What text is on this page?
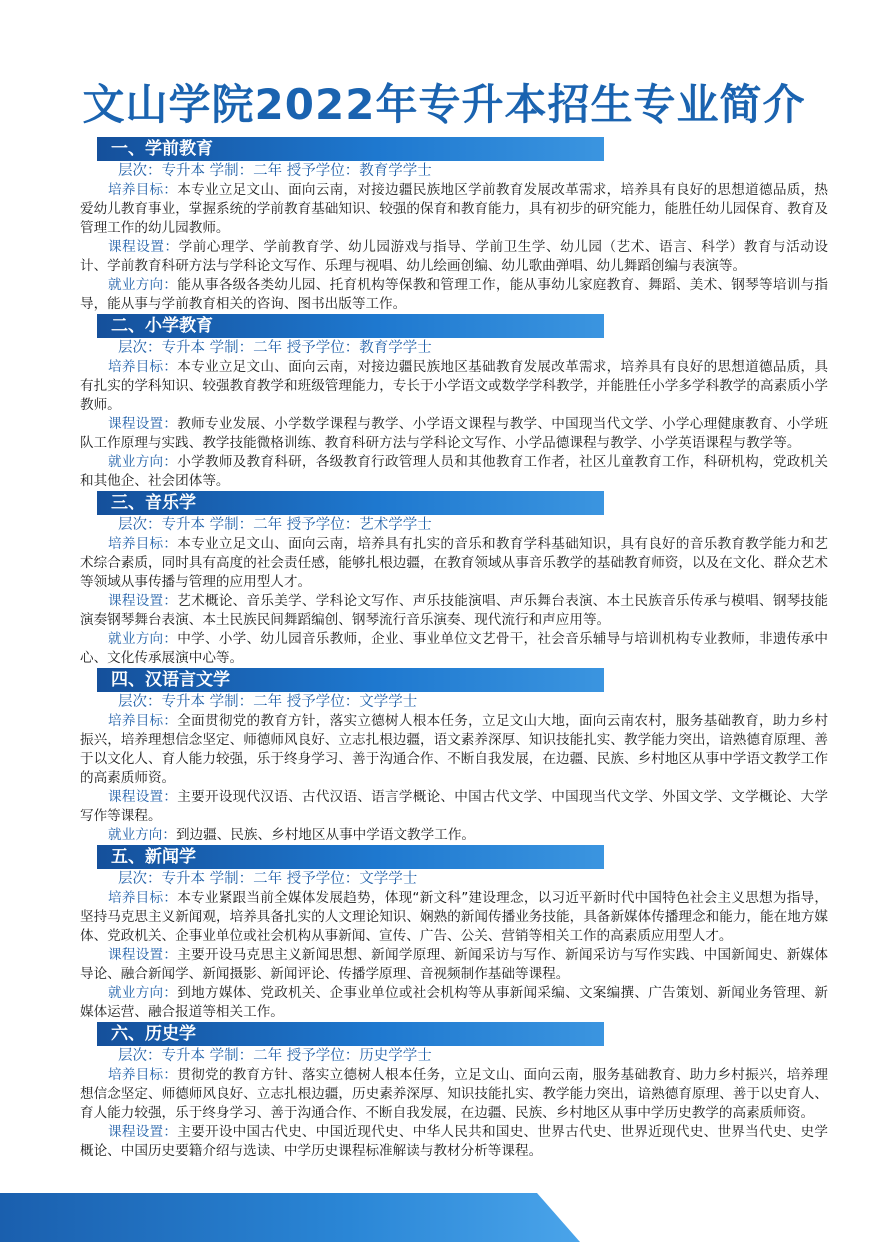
文山学院2022年专升本招生专业简介
一、学前教育
层次：专升本 学制：二年 授予学位：教育学学士
培养目标：本专业立足文山、面向云南，对接边疆民族地区学前教育发展改革需求，培养具有良好的思想道德品质，热爱幼儿教育事业，掌握系统的学前教育基础知识、较强的保育和教育能力，具有初步的研究能力，能胜任幼儿园保育、教育及管理工作的幼儿园教师。
课程设置：学前心理学、学前教育学、幼儿园游戏与指导、学前卫生学、幼儿园（艺术、语言、科学）教育与活动设计、学前教育科研方法与学科论文写作、乐理与视唱、幼儿绘画创编、幼儿歌曲弹唱、幼儿舞蹈创编与表演等。
就业方向：能从事各级各类幼儿园、托育机构等保教和管理工作，能从事幼儿家庭教育、舞蹈、美术、钢琴等培训与指导，能从事与学前教育相关的咨询、图书出版等工作。
二、小学教育
层次：专升本 学制：二年 授予学位：教育学学士
培养目标：本专业立足文山、面向云南，对接边疆民族地区基础教育发展改革需求，培养具有良好的思想道德品质，具有扎实的学科知识、较强教育教学和班级管理能力，专长于小学语文或数学学科教学，并能胜任小学多学科教学的高素质小学教师。
课程设置：教师专业发展、小学数学课程与教学、小学语文课程与教学、中国现当代文学、小学心理健康教育、小学班队工作原理与实践、教学技能微格训练、教育科研方法与学科论文写作、小学品德课程与教学、小学英语课程与教学等。
就业方向：小学教师及教育科研，各级教育行政管理人员和其他教育工作者，社区儿童教育工作，科研机构，党政机关和其他企、社会团体等。
三、音乐学
层次：专升本 学制：二年 授予学位：艺术学学士
培养目标：本专业立足文山、面向云南，培养具有扎实的音乐和教育学科基础知识，具有良好的音乐教育教学能力和艺术综合素质，同时具有高度的社会责任感，能够扎根边疆，在教育领域从事音乐教学的基础教育师资，以及在文化、群众艺术等领域从事传播与管理的应用型人才。
课程设置：艺术概论、音乐美学、学科论文写作、声乐技能演唱、声乐舞台表演、本土民族音乐传承与模唱、钢琴技能演奏钢琴舞台表演、本土民族民间舞蹈编创、钢琴流行音乐演奏、现代流行和声应用等。
就业方向：中学、小学、幼儿园音乐教师，企业、事业单位文艺骨干，社会音乐辅导与培训机构专业教师，非遗传承中心、文化传承展演中心等。
四、汉语言文学
层次：专升本 学制：二年 授予学位：文学学士
培养目标：全面贯彻党的教育方针，落实立德树人根本任务，立足文山大地，面向云南农村，服务基础教育，助力乡村振兴，培养理想信念坚定、师德师风良好、立志扎根边疆，语文素养深厚、知识技能扎实、教学能力突出，谙熟德育原理、善于以文化人、育人能力较强，乐于终身学习、善于沟通合作、不断自我发展，在边疆、民族、乡村地区从事中学语文教学工作的高素质师资。
课程设置：主要开设现代汉语、古代汉语、语言学概论、中国古代文学、中国现当代文学、外国文学、文学概论、大学写作等课程。
就业方向：到边疆、民族、乡村地区从事中学语文教学工作。
五、新闻学
层次：专升本 学制：二年 授予学位：文学学士
培养目标：本专业紧跟当前全媒体发展趋势，体现“新文科”建设理念，以习近平新时代中国特色社会主义思想为指导，坚持马克思主义新闻观，培养具备扎实的人文理论知识、娴熟的新闻传播业务技能，具备新媒体传播理念和能力，能在地方媒体、党政机关、企事业单位或社会机构从事新闻、宣传、广告、公关、营销等相关工作的高素质应用型人才。
课程设置：主要开设马克思主义新闻思想、新闻学原理、新闻采访与写作、新闻采访与写作实践、中国新闻史、新媒体导论、融合新闻学、新闻摄影、新闻评论、传播学原理、音视频制作基础等课程。
就业方向：到地方媒体、党政机关、企事业单位或社会机构等从事新闻采编、文案编撰、广告策划、新闻业务管理、新媒体运营、融合报道等相关工作。
六、历史学
层次：专升本 学制：二年 授予学位：历史学学士
培养目标：贯彻党的教育方针、落实立德树人根本任务，立足文山、面向云南，服务基础教育、助力乡村振兴，培养理想信念坚定、师德师风良好、立志扎根边疆，历史素养深厚、知识技能扎实、教学能力突出，谙熟德育原理、善于以史育人、育人能力较强，乐于终身学习、善于沟通合作、不断自我发展，在边疆、民族、乡村地区从事中学历史教学的高素质师资。
课程设置：主要开设中国古代史、中国近现代史、中华人民共和国史、世界古代史、世界近现代史、世界当代史、史学概论、中国历史要籍介绍与选读、中学历史课程标准解读与教材分析等课程。
